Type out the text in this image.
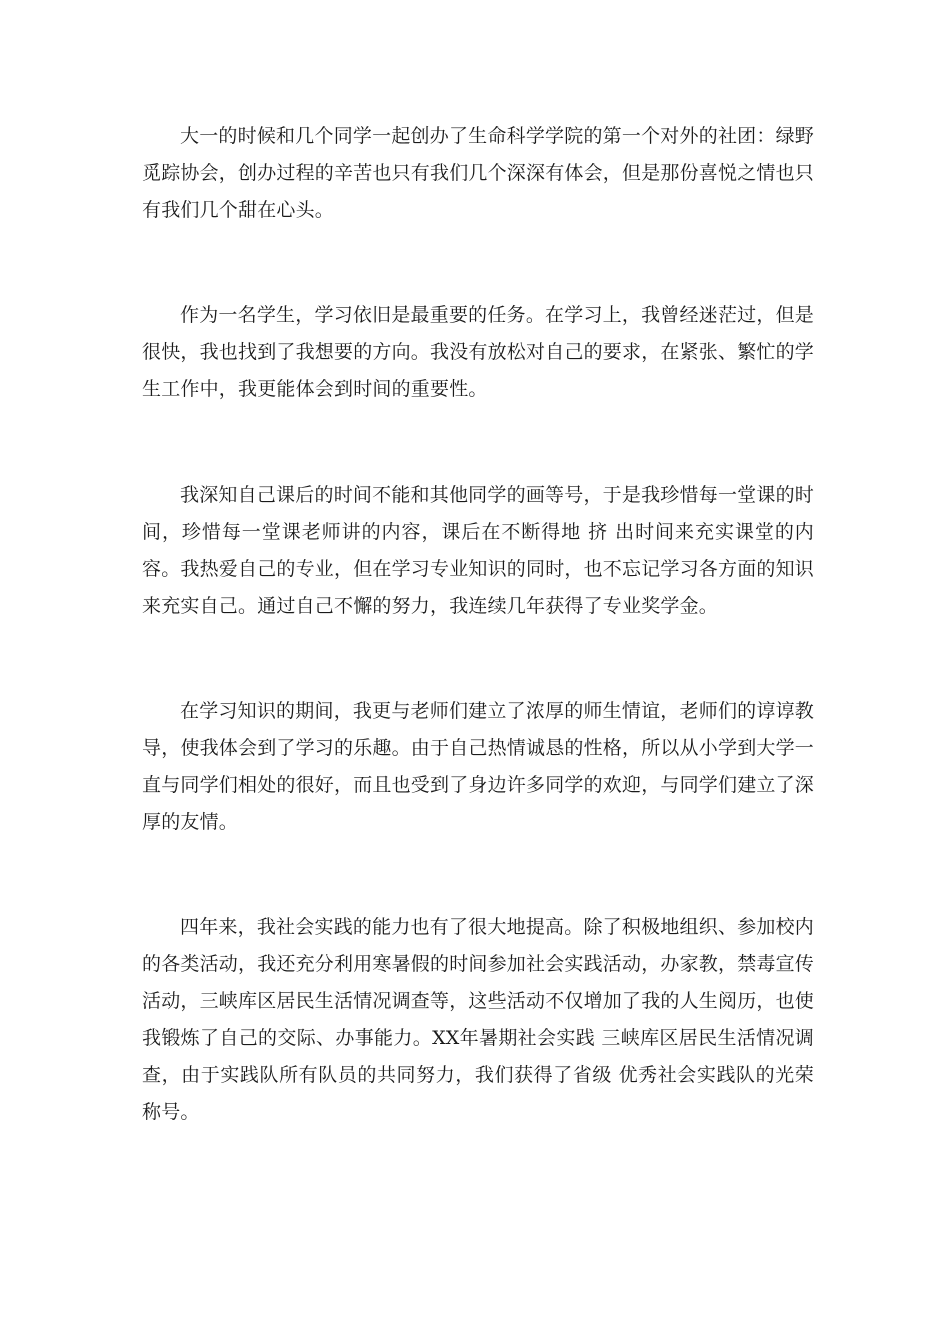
大一的时候和几个同学一起创办了生命科学学院的第一个对外的社团：绿野觅踪协会，创办过程的辛苦也只有我们几个深深有体会，但是那份喜悦之情也只有我们几个甜在心头。

作为一名学生，学习依旧是最重要的任务。在学习上，我曾经迷茫过，但是很快，我也找到了我想要的方向。我没有放松对自己的要求，在紧张、繁忙的学生工作中，我更能体会到时间的重要性。

我深知自己课后的时间不能和其他同学的画等号，于是我珍惜每一堂课的时间，珍惜每一堂课老师讲的内容，课后在不断得地 挤 出时间来充实课堂的内容。我热爱自己的专业，但在学习专业知识的同时，也不忘记学习各方面的知识来充实自己。通过自己不懈的努力，我连续几年获得了专业奖学金。

在学习知识的期间，我更与老师们建立了浓厚的师生情谊，老师们的谆谆教导，使我体会到了学习的乐趣。由于自己热情诚恳的性格，所以从小学到大学一直与同学们相处的很好，而且也受到了身边许多同学的欢迎，与同学们建立了深厚的友情。

四年来，我社会实践的能力也有了很大地提高。除了积极地组织、参加校内的各类活动，我还充分利用寒暑假的时间参加社会实践活动，办家教，禁毒宣传活动，三峡库区居民生活情况调查等，这些活动不仅增加了我的人生阅历，也使我锻炼了自己的交际、办事能力。XX年暑期社会实践 三峡库区居民生活情况调查，由于实践队所有队员的共同努力，我们获得了省级 优秀社会实践队的光荣称号。
